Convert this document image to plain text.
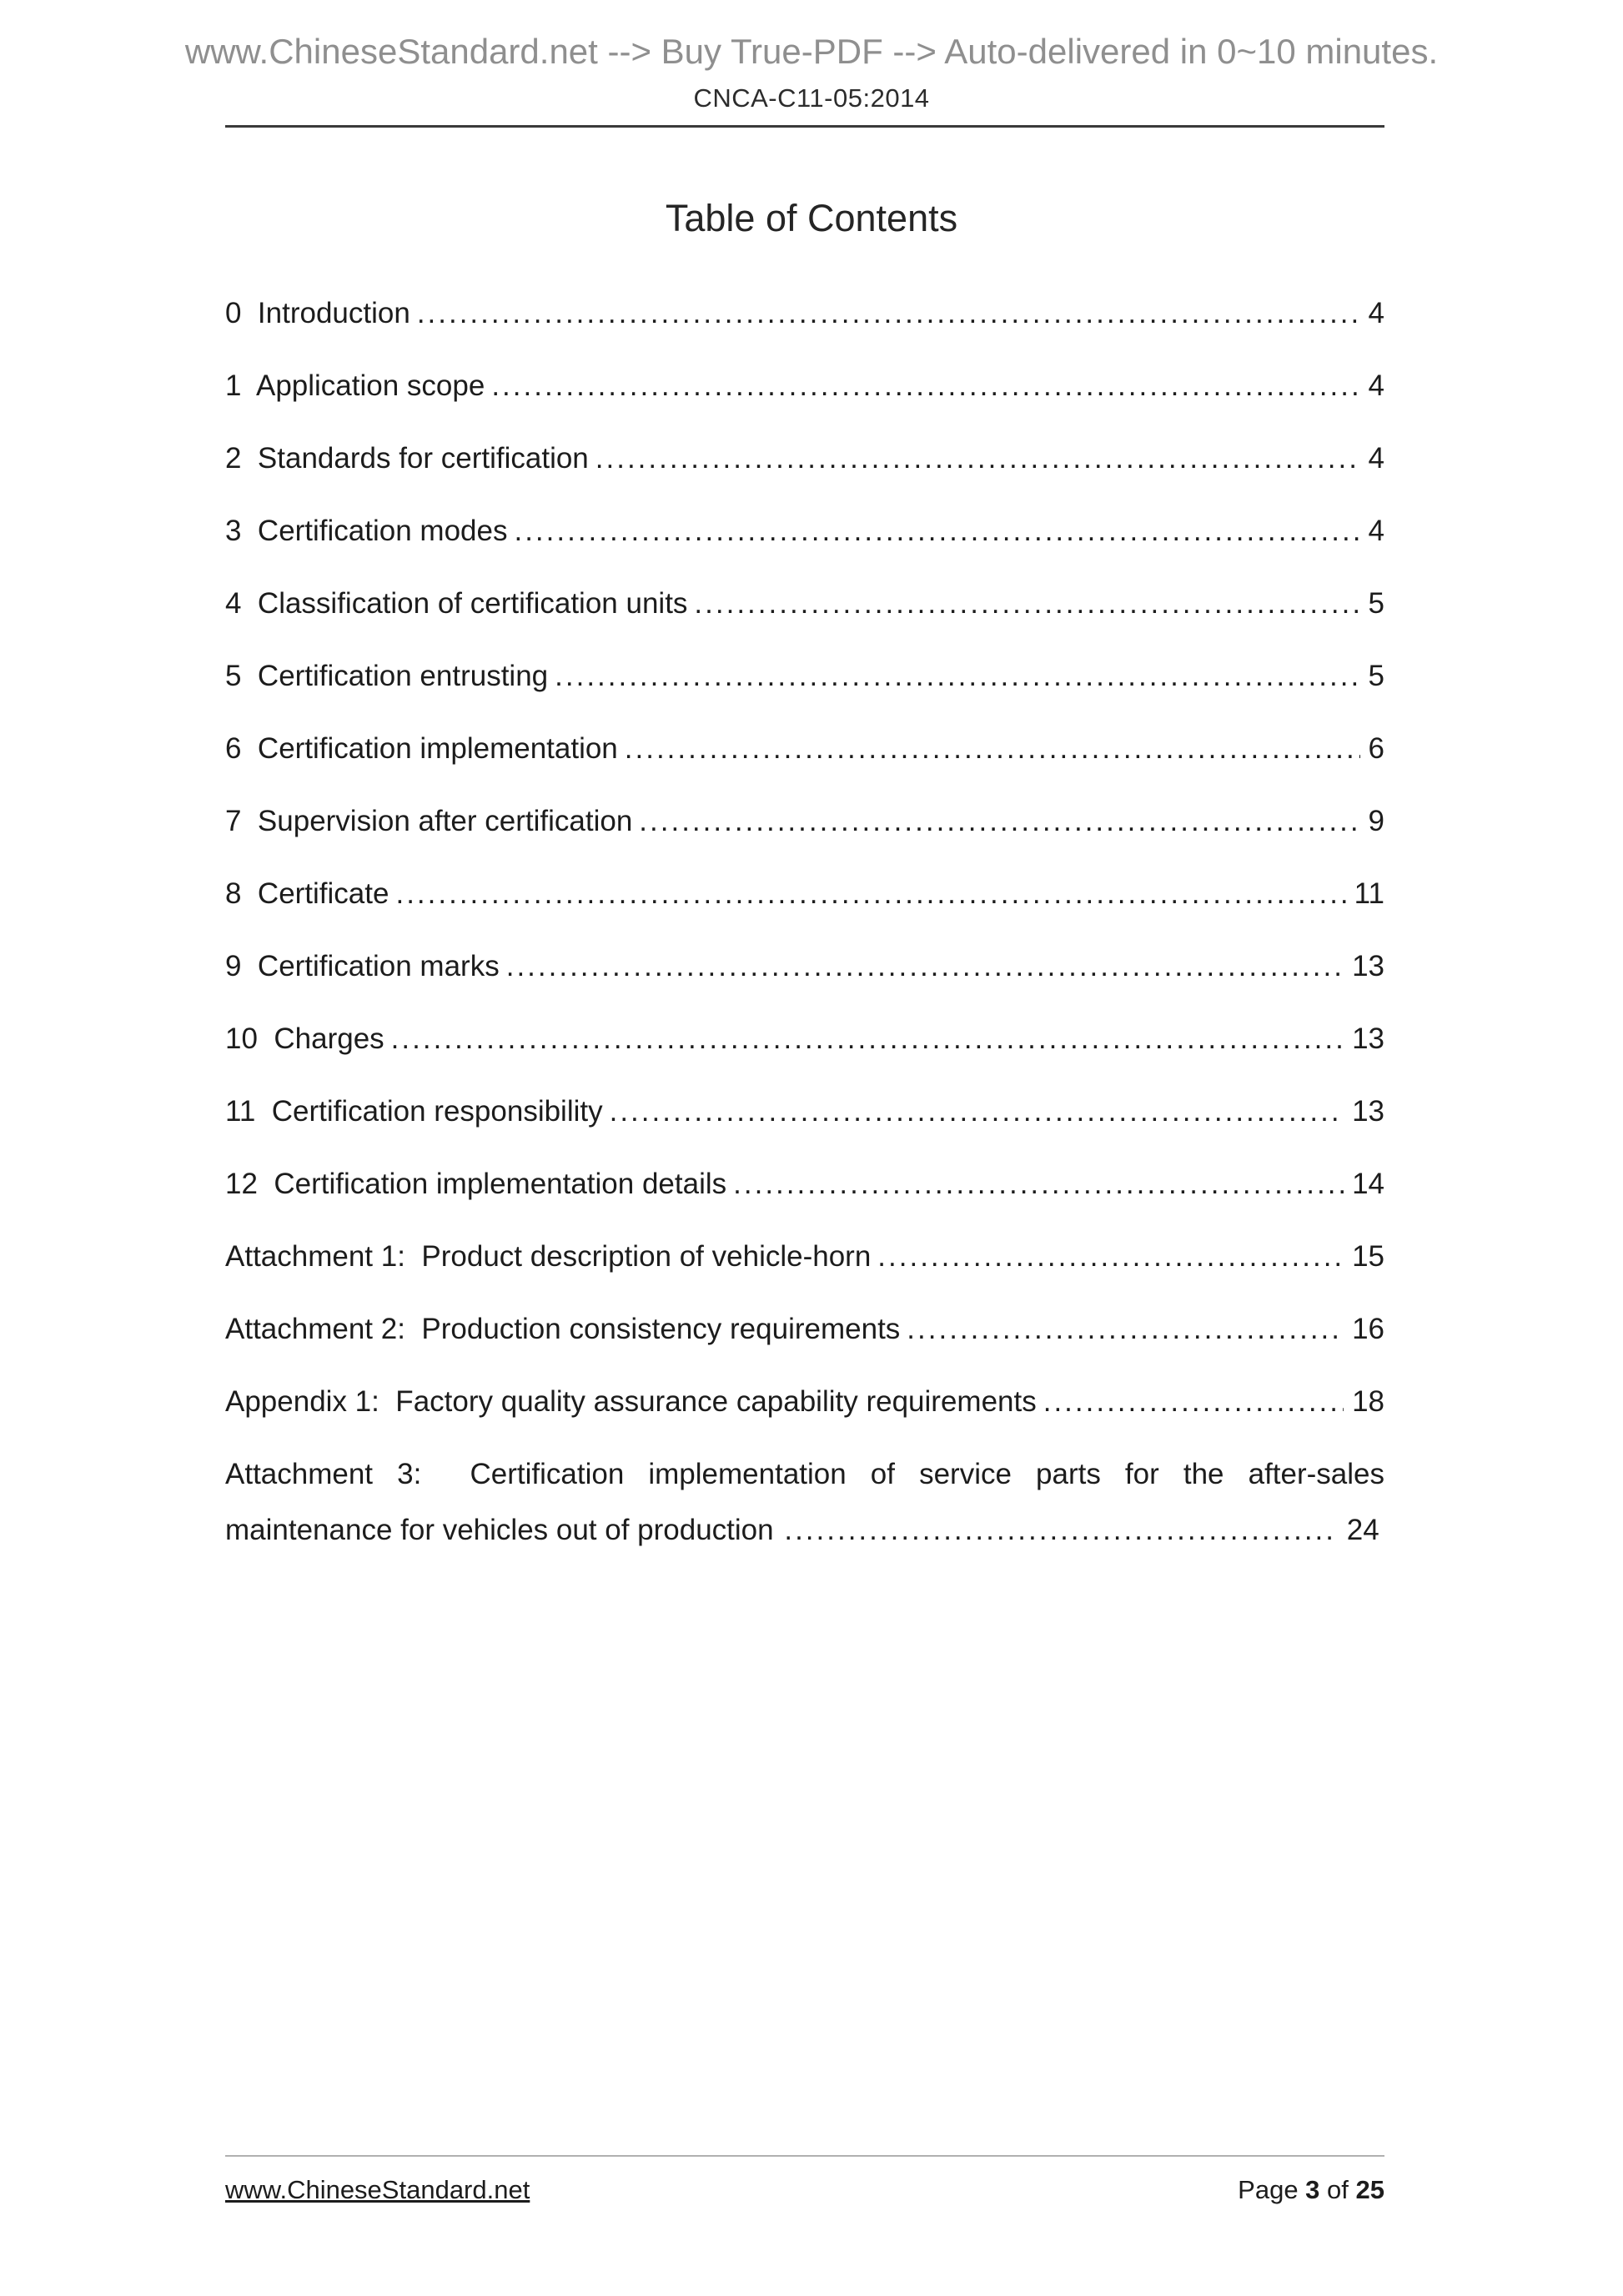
www.ChineseStandard.net --> Buy True-PDF --> Auto-delivered in 0~10 minutes.
CNCA-C11-05:2014
Table of Contents
0  Introduction .....	4
1  Application scope .....	4
2  Standards for certification .....	4
3  Certification modes .....	4
4  Classification of certification units .....	5
5  Certification entrusting .....	5
6  Certification implementation .....	6
7  Supervision after certification .....	9
8  Certificate .....	11
9  Certification marks .....	13
10  Charges .....	13
11  Certification responsibility .....	13
12  Certification implementation details .....	14
Attachment 1:  Product description of vehicle-horn .....	15
Attachment 2:  Production consistency requirements .....	16
Appendix 1:  Factory quality assurance capability requirements .....	18
Attachment 3:  Certification implementation of service parts for the after-sales maintenance for vehicles out of production .................................................... 24
www.ChineseStandard.net	Page 3 of 25
